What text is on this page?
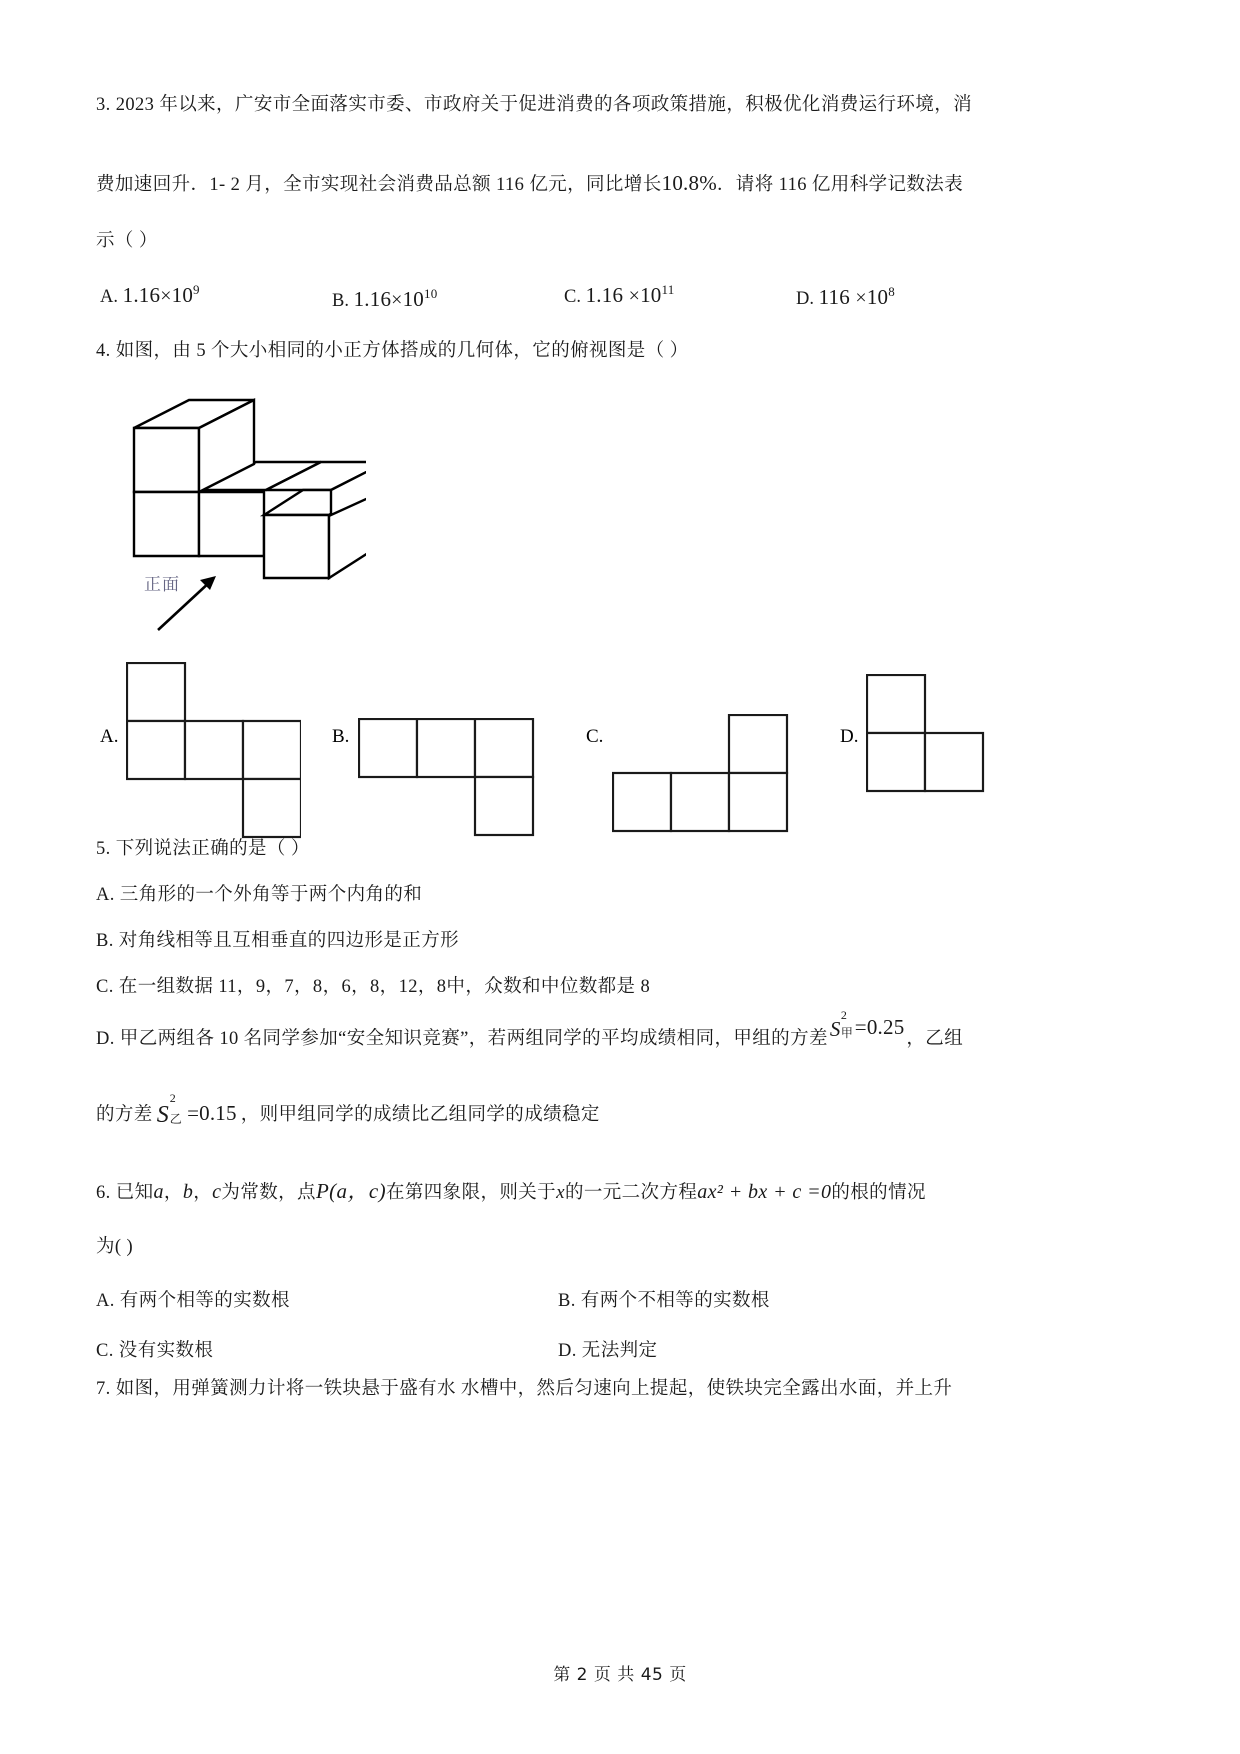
3. 2023 年以来，广安市全面落实市委、市政府关于促进消费的各项政策措施，积极优化消费运行环境，消
费加速回升．1- 2 月，全市实现社会消费品总额 116 亿元，同比增长10.8%．请将 116 亿用科学记数法表
示（ ）
A. $1.16\times 10^9$
B. $1.16\times 10^{10}$	C. $1.16 \times 10^{11}$	D. $116 \times 10^8$
4. 如图，由 5 个大小相同的小正方体搭成的几何体，它的俯视图是（ ）
正面
A.	B.	C.	D.
5. 下列说法正确的是（ ）
A. 三角形的一个外角等于两个内角的和
B. 对角线相等且互相垂直的四边形是正方形
C. 在一组数据 11，9，7，8，6，8，12，8中，众数和中位数都是 8
D. 甲乙两组各 10 名同学参加“安全知识竞赛”，若两组同学的平均成绩相同，甲组的方差S
2
甲 =0.25 ，乙组
的方差 S
2
乙 =0.15 ，则甲组同学的成绩比乙组同学的成绩稳定
6. 已知a，b，c为常数，点P(a，c)在第四象限，则关于x的一元二次方程ax² + bx + c =0的根的情况
为( )
A. 有两个相等的实数根	B. 有两个不相等的实数根
C. 没有实数根	D. 无法判定
7. 如图，用弹簧测力计将一铁块悬于盛有水 水槽中，然后匀速向上提起，使铁块完全露出水面，并上升
第 2 页 共 45 页
